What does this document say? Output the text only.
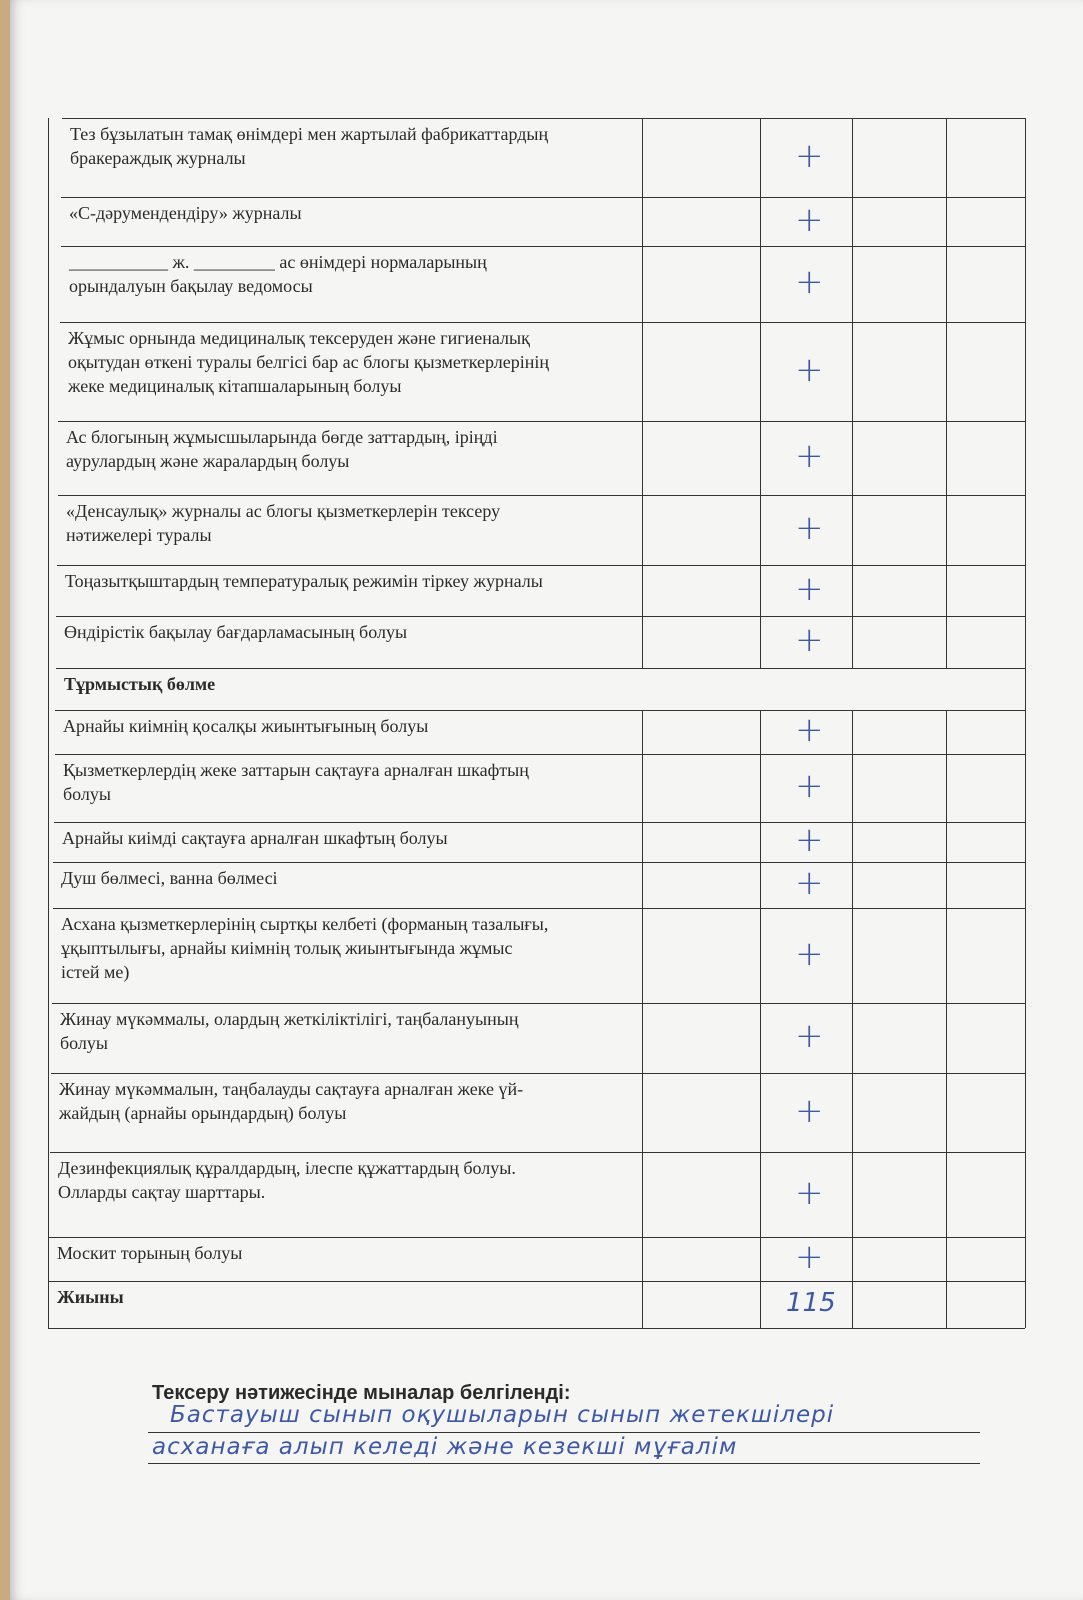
Тез бұзылатын тамақ өнімдері мен жартылай фабрикаттардың
бракераждық журналы	+
«С-дәрумендендіру» журналы	+
___________ ж. _________ ас өнімдері нормаларының
орындалуын бақылау ведомосы	+
Жұмыс орнында медициналық тексеруден және гигиеналық
оқытудан өткені туралы белгісі бар ас блогы қызметкерлерінің
жеке медициналық кітапшаларының болуы	+
Ас блогының жұмысшыларында бөгде заттардың, іріңді
аурулардың және жаралардың болуы	+
«Денсаулық» журналы ас блогы қызметкерлерін тексеру
нәтижелері туралы	+
Тоңазытқыштардың температуралық режимін тіркеу журналы	+
Өндірістік бақылау бағдарламасының болуы	+
Тұрмыстық бөлме
Арнайы киімнің қосалқы жиынтығының болуы	+
Қызметкерлердің жеке заттарын сақтауға арналған шкафтың
болуы	+
Арнайы киімді сақтауға арналған шкафтың болуы	+
Душ бөлмесі, ванна бөлмесі	+
Асхана қызметкерлерінің сыртқы келбеті (форманың тазалығы,
ұқыптылығы, арнайы киімнің толық жиынтығында жұмыс
істей ме)	+
Жинау мүкәммалы, олардың жеткіліктілігі, таңбалануының
болуы	+
Жинау мүкәммалын, таңбалауды сақтауға арналған жеке үй-
жайдың (арнайы орындардың) болуы	+
Дезинфекциялық құралдардың, ілеспе құжаттардың болуы.
Олларды сақтау шарттары.	+
Москит торының болуы	+
Жиыны	115
Тексеру нәтижесінде мыналар белгіленді:
Бастауыш сынып оқушыларын сынып жетекшілері
асханаға алып келеді және кезекші мұғалім
